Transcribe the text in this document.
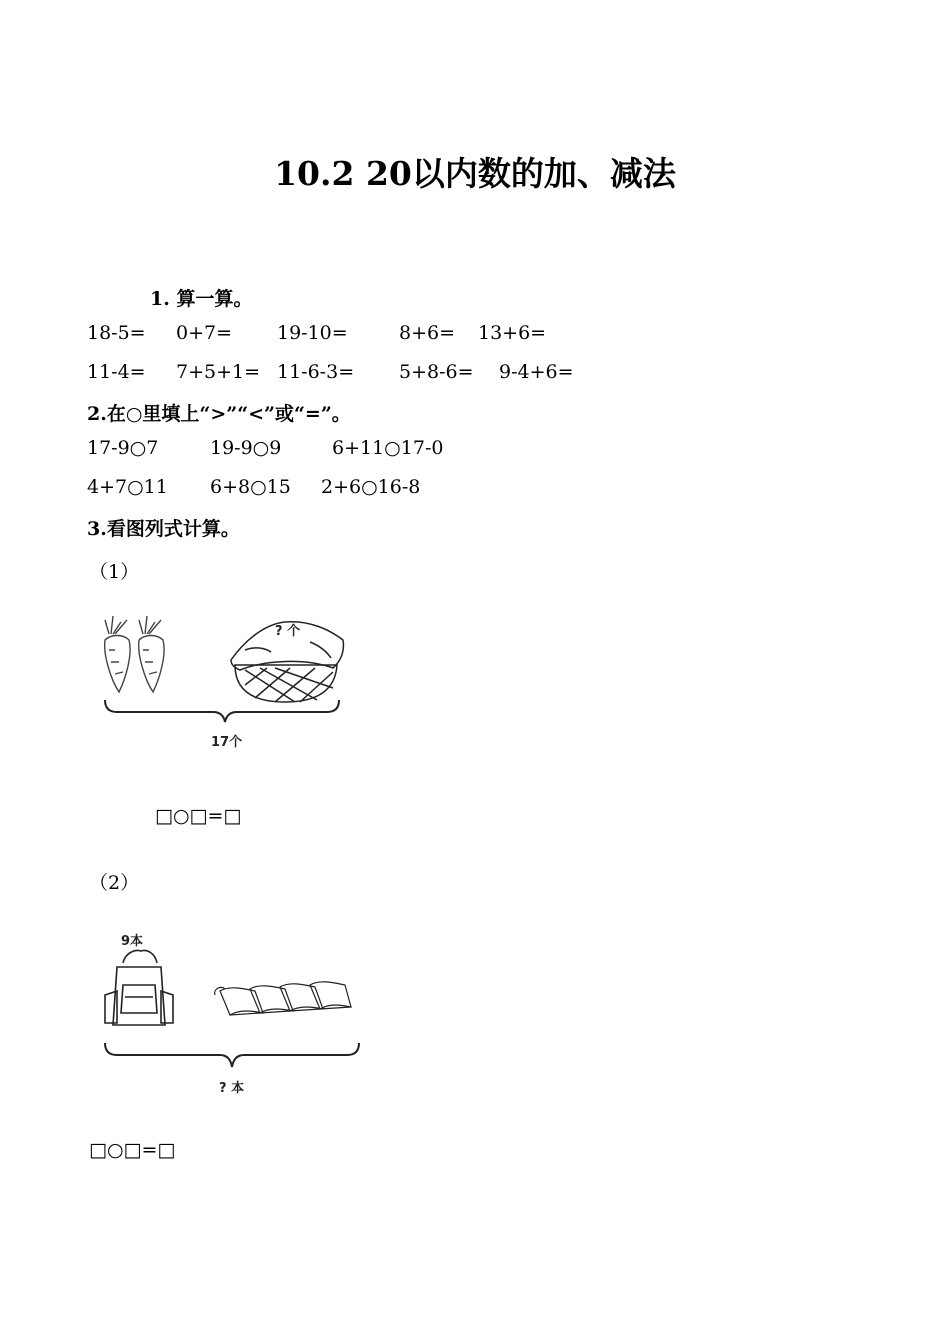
10.2 20以内数的加、减法
1. 算一算。
18-5= 0+7= 19-10=	8+6= 13+6=
11-4= 7+5+1= 11-6-3= 5+8-6= 9-4+6=
2.在○里填上“>”“<”或“=”。
17-9○7	19-9○9	6+11○17-0
4+7○11 6+8○15 2+6○16-8
3.看图列式计算。
（1）
? 个
17个
□○□=□
（2）
9本
? 本
□○□=□
